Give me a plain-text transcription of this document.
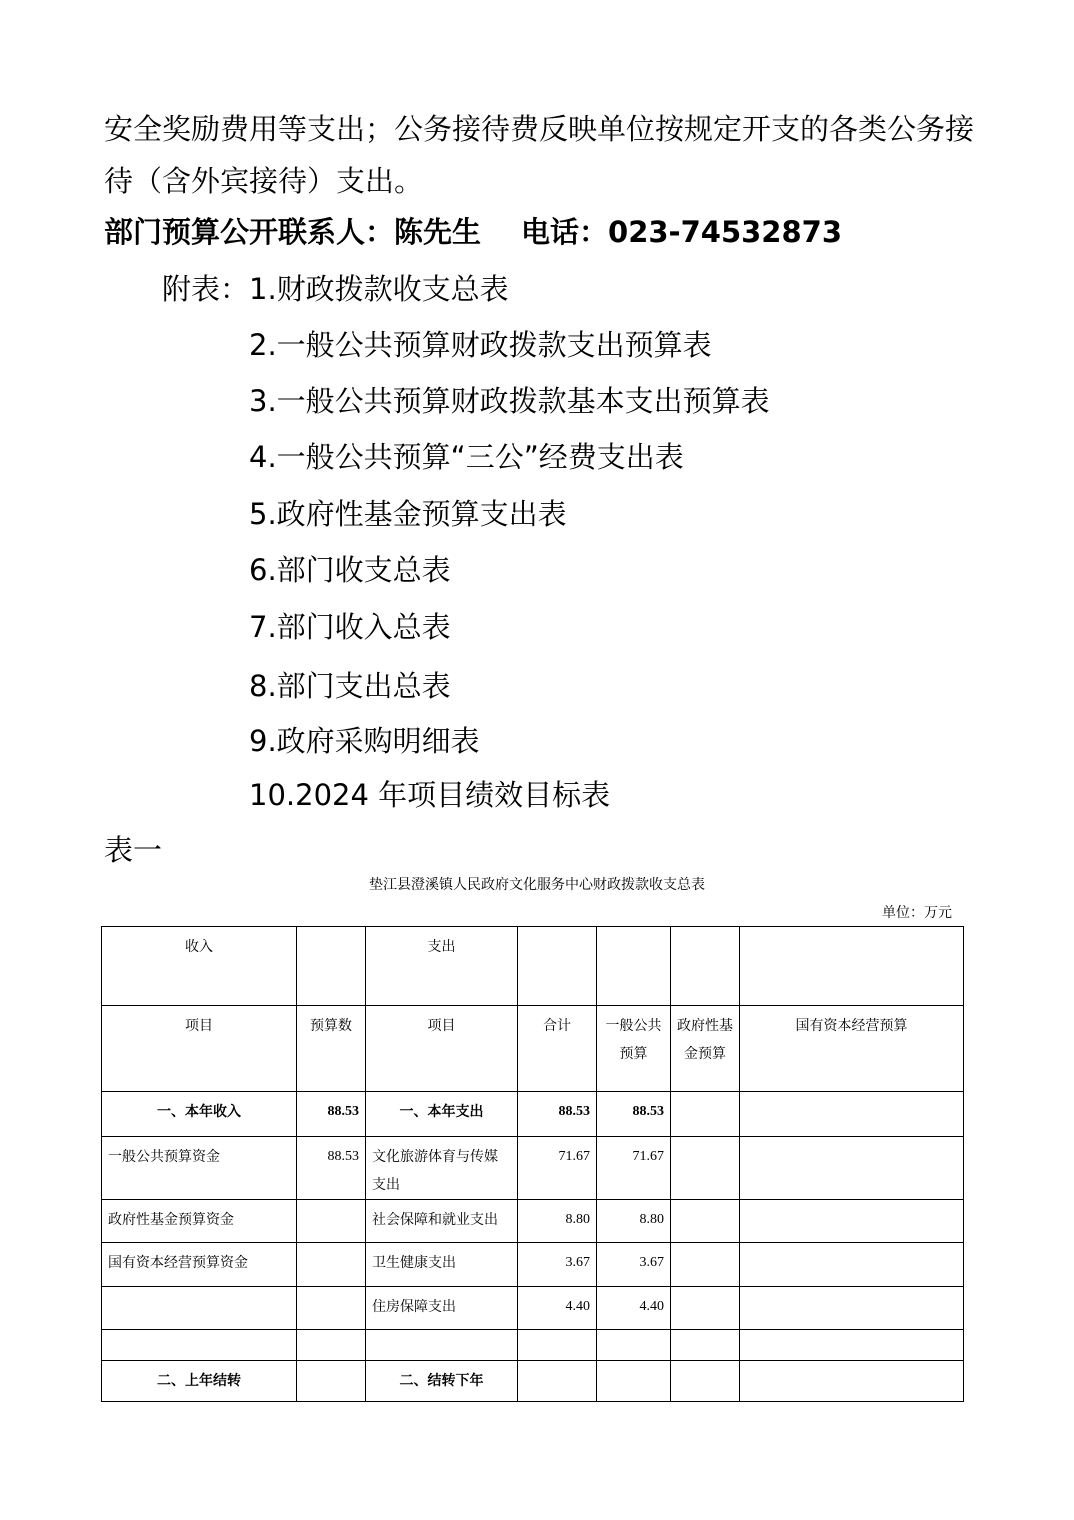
安全奖励费用等支出；公务接待费反映单位按规定开支的各类公务接
待（含外宾接待）支出。
部门预算公开联系人：陈先生 电话：023-74532873
附表： 1.财政拨款收支总表
2.一般公共预算财政拨款支出预算表
3.一般公共预算财政拨款基本支出预算表
4.一般公共预算“三公”经费支出表
5.政府性基金预算支出表
6.部门收支总表
7.部门收入总表
8.部门支出总表
9.政府采购明细表
10.2024 年项目绩效目标表
表一
垫江县澄溪镇人民政府文化服务中心财政拨款收支总表
单位：万元
收入		支出				
项目	预算数	项目	合计	一般公共预算	政府性基金预算	国有资本经营预算
一、本年收入	88.53	一、本年支出	88.53	88.53		
一般公共预算资金	88.53	文化旅游体育与传媒支出	71.67	71.67		
政府性基金预算资金		社会保障和就业支出	8.80	8.80		
国有资本经营预算资金		卫生健康支出	3.67	3.67		
		住房保障支出	4.40	4.40		

二、上年结转		二、结转下年				
